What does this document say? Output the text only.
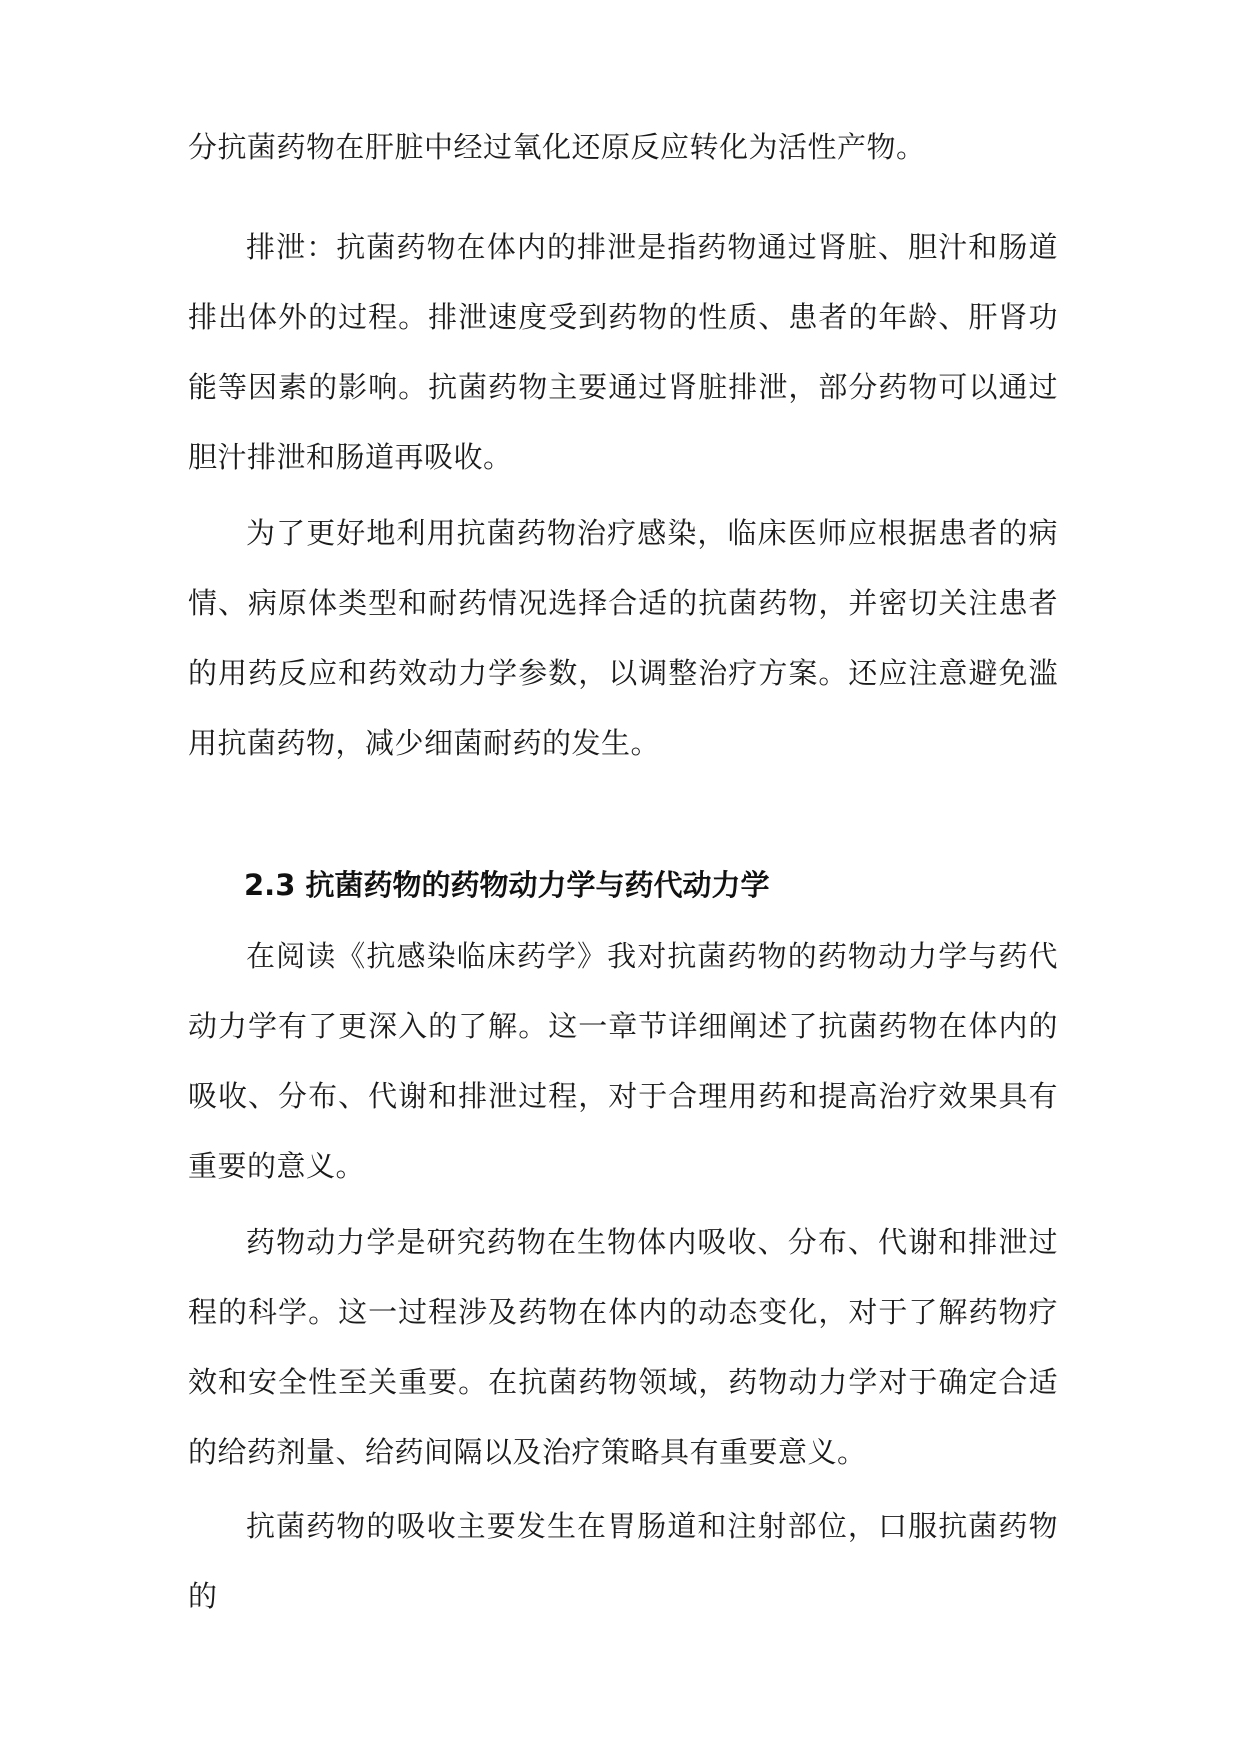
分抗菌药物在肝脏中经过氧化还原反应转化为活性产物。

排泄：抗菌药物在体内的排泄是指药物通过肾脏、胆汁和肠道排出体外的过程。排泄速度受到药物的性质、患者的年龄、肝肾功能等因素的影响。抗菌药物主要通过肾脏排泄，部分药物可以通过胆汁排泄和肠道再吸收。

为了更好地利用抗菌药物治疗感染，临床医师应根据患者的病情、病原体类型和耐药情况选择合适的抗菌药物，并密切关注患者的用药反应和药效动力学参数，以调整治疗方案。还应注意避免滥用抗菌药物，减少细菌耐药的发生。

2.3 抗菌药物的药物动力学与药代动力学

在阅读《抗感染临床药学》我对抗菌药物的药物动力学与药代动力学有了更深入的了解。这一章节详细阐述了抗菌药物在体内的吸收、分布、代谢和排泄过程，对于合理用药和提高治疗效果具有重要的意义。

药物动力学是研究药物在生物体内吸收、分布、代谢和排泄过程的科学。这一过程涉及药物在体内的动态变化，对于了解药物疗效和安全性至关重要。在抗菌药物领域，药物动力学对于确定合适的给药剂量、给药间隔以及治疗策略具有重要意义。

抗菌药物的吸收主要发生在胃肠道和注射部位，口服抗菌药物的
